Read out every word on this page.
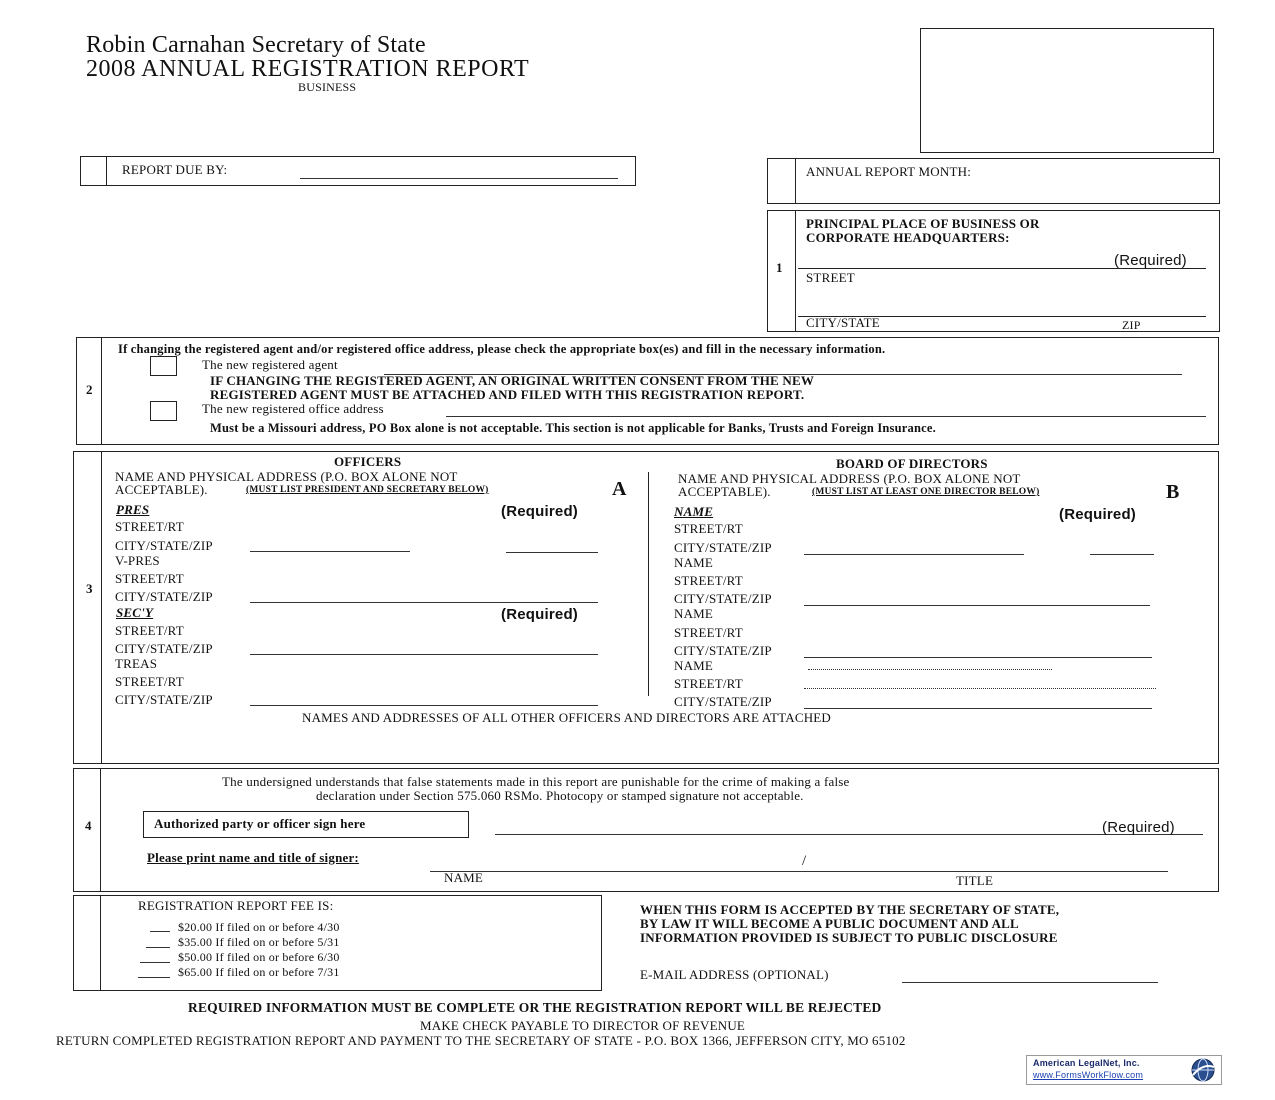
Robin Carnahan Secretary of State
2008 ANNUAL REGISTRATION REPORT
BUSINESS
REPORT DUE BY:	ANNUAL REPORT MONTH:
1
PRINCIPAL PLACE OF BUSINESS OR
CORPORATE HEADQUARTERS:
(Required)
STREET
CITY/STATE	ZIP
2
If changing the registered agent and/or registered office address, please check the appropriate box(es) and fill in the necessary information.
The new registered agent
IF CHANGING THE REGISTERED AGENT, AN ORIGINAL WRITTEN CONSENT FROM THE NEW
REGISTERED AGENT MUST BE ATTACHED AND FILED WITH THIS REGISTRATION REPORT.
The new registered office address
Must be a Missouri address, PO Box alone is not acceptable. This section is not applicable for Banks, Trusts and Foreign Insurance.
3
OFFICERS
NAME AND PHYSICAL ADDRESS (P.O. BOX ALONE NOT
ACCEPTABLE).	(MUST LIST PRESIDENT AND SECRETARY BELOW)	A
PRES	(Required)
STREET/RT
CITY/STATE/ZIP
V-PRES
STREET/RT
CITY/STATE/ZIP
SEC'Y	(Required)
STREET/RT
CITY/STATE/ZIP
TREAS
STREET/RT
CITY/STATE/ZIP
BOARD OF DIRECTORS
NAME AND PHYSICAL ADDRESS (P.O. BOX ALONE NOT
ACCEPTABLE).	(MUST LIST AT LEAST ONE DIRECTOR BELOW)	B
NAME	(Required)
STREET/RT
CITY/STATE/ZIP
NAME
STREET/RT
CITY/STATE/ZIP
NAME
STREET/RT
CITY/STATE/ZIP
NAME
STREET/RT
CITY/STATE/ZIP
NAMES AND ADDRESSES OF ALL OTHER OFFICERS AND DIRECTORS ARE ATTACHED
4
The undersigned understands that false statements made in this report are punishable for the crime of making a false
declaration under Section 575.060 RSMo. Photocopy or stamped signature not acceptable.
Authorized party or officer sign here	(Required)
Please print name and title of signer:	/
NAME	TITLE
REGISTRATION REPORT FEE IS:
$20.00 If filed on or before 4/30
$35.00 If filed on or before 5/31
$50.00 If filed on or before 6/30
$65.00 If filed on or before 7/31
WHEN THIS FORM IS ACCEPTED BY THE SECRETARY OF STATE,
BY LAW IT WILL BECOME A PUBLIC DOCUMENT AND ALL
INFORMATION PROVIDED IS SUBJECT TO PUBLIC DISCLOSURE
E-MAIL ADDRESS (OPTIONAL)
REQUIRED INFORMATION MUST BE COMPLETE OR THE REGISTRATION REPORT WILL BE REJECTED
MAKE CHECK PAYABLE TO DIRECTOR OF REVENUE
RETURN COMPLETED REGISTRATION REPORT AND PAYMENT TO THE SECRETARY OF STATE - P.O. BOX 1366, JEFFERSON CITY, MO 65102
American LegalNet, Inc.
www.FormsWorkFlow.com
